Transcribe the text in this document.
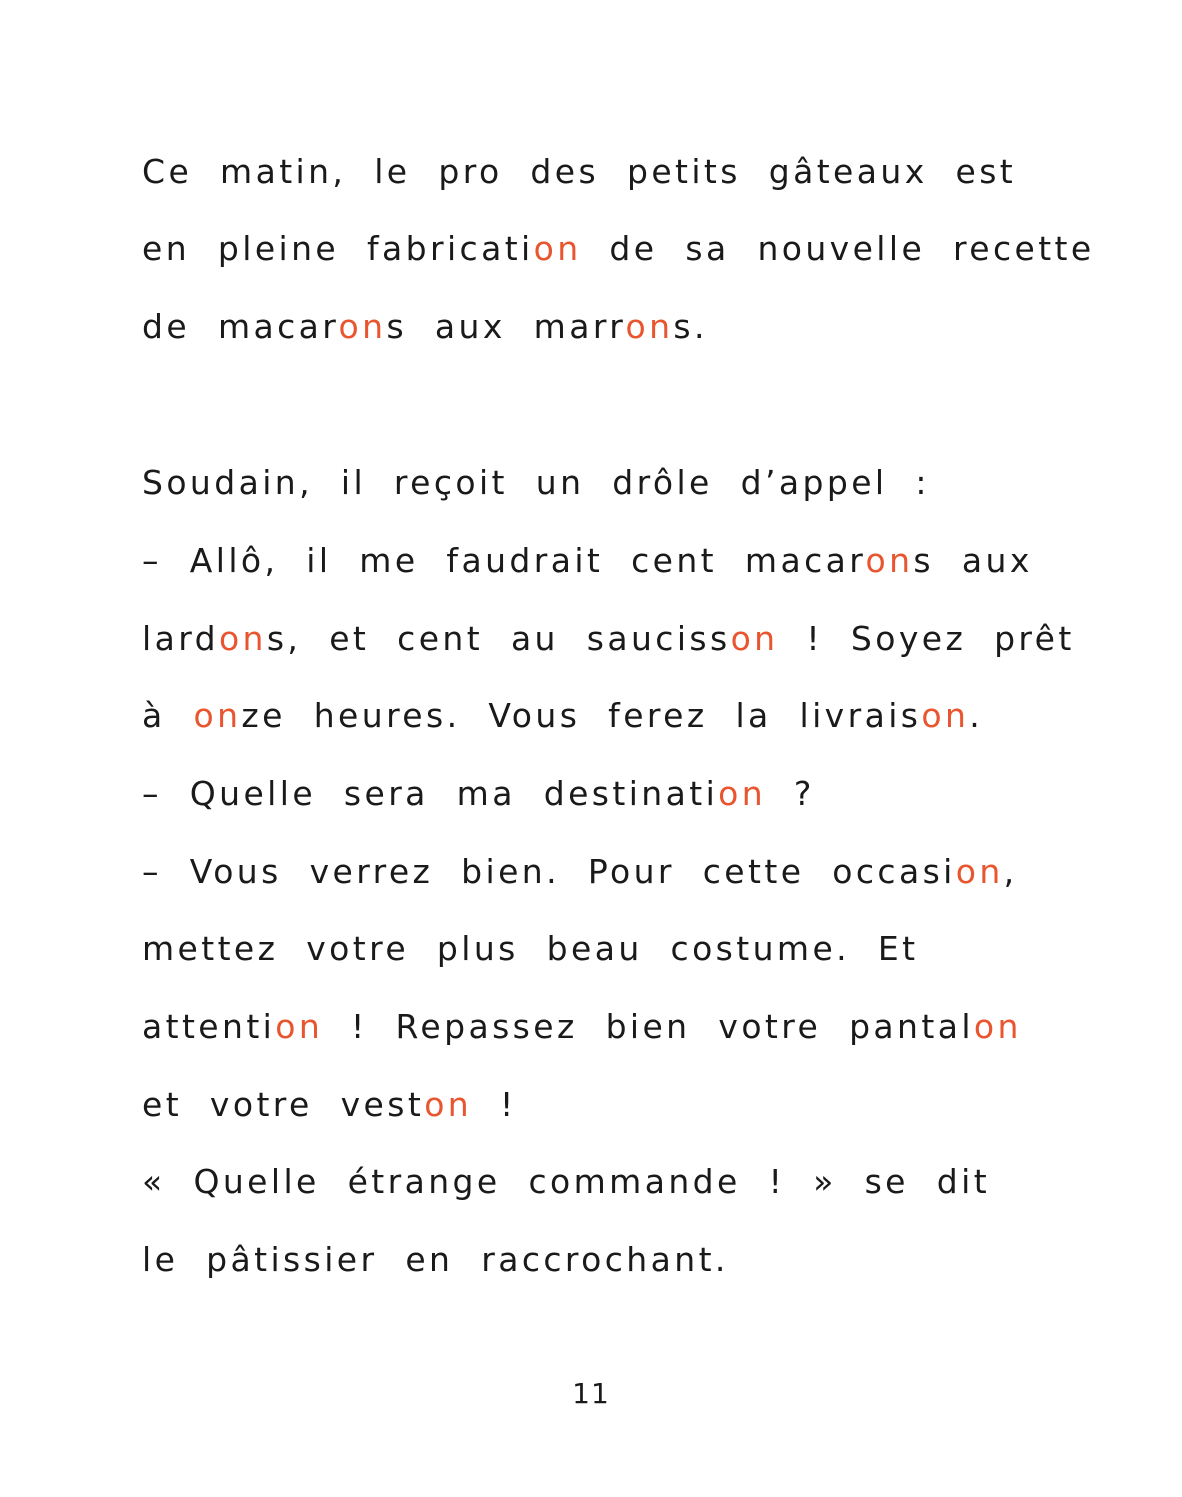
Ce matin, le pro des petits gâteaux est
en pleine fabrication de sa nouvelle recette
de macarons aux marrons.
Soudain, il reçoit un drôle d’appel :
– Allô, il me faudrait cent macarons aux
lardons, et cent au saucisson ! Soyez prêt
à onze heures. Vous ferez la livraison.
– Quelle sera ma destination ?
– Vous verrez bien. Pour cette occasion,
mettez votre plus beau costume. Et
attention ! Repassez bien votre pantalon
et votre veston !
« Quelle étrange commande ! » se dit
le pâtissier en raccrochant.
11
